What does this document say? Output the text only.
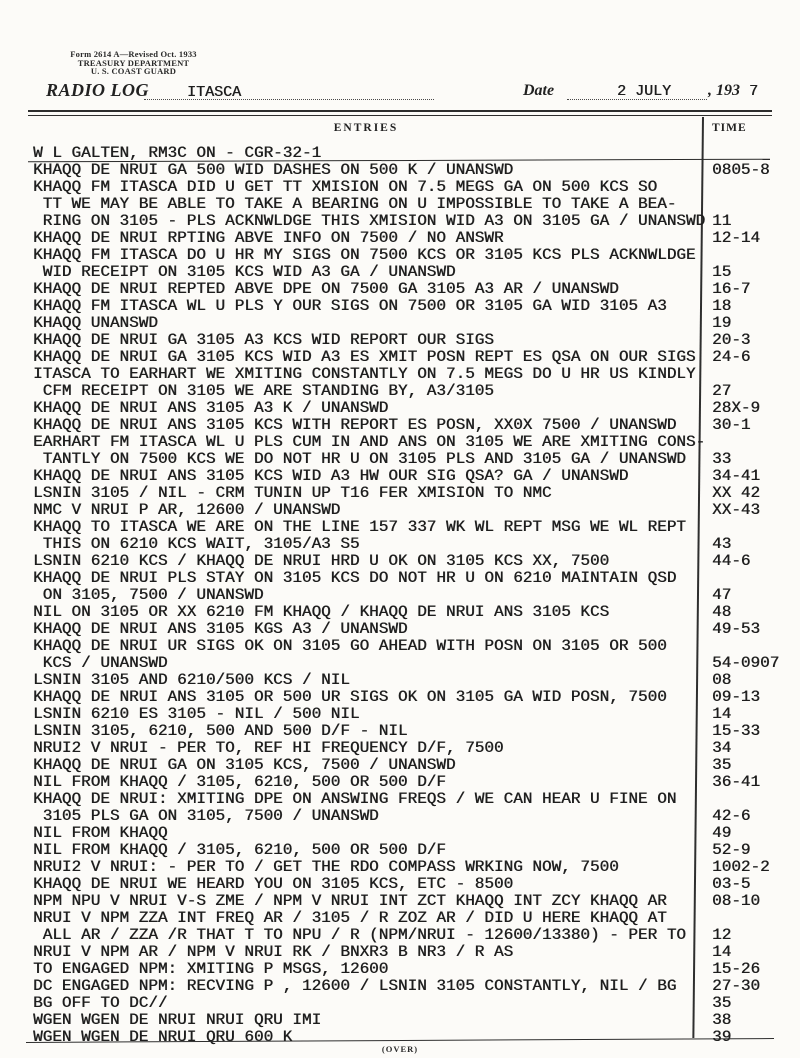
Form 2614 A—Revised Oct. 1933
TREASURY DEPARTMENT
U. S. COAST GUARD
RADIO LOG	ITASCA	Date	2 JULY , 193 7
ENTRIES	TIME
W L GALTEN, RM3C ON - CGR-32-1
KHAQQ DE NRUI GA 500 WID DASHES ON 500 K / UNANSWD	0805-8
KHAQQ FM ITASCA DID U GET TT XMISION ON 7.5 MEGS GA ON 500 KCS SO
TT WE MAY BE ABLE TO TAKE A BEARING ON U IMPOSSIBLE TO TAKE A BEA-
RING ON 3105 - PLS ACKNWLDGE THIS XMISION WID A3 ON 3105 GA / UNANSWD 11
KHAQQ DE NRUI RPTING ABVE INFO ON 7500 / NO ANSWR	12-14
KHAQQ FM ITASCA DO U HR MY SIGS ON 7500 KCS OR 3105 KCS PLS ACKNWLDGE
WID RECEIPT ON 3105 KCS WID A3 GA / UNANSWD	15
KHAQQ DE NRUI REPTED ABVE DPE ON 7500 GA 3105 A3 AR / UNANSWD	16-7
KHAQQ FM ITASCA WL U PLS Y OUR SIGS ON 7500 OR 3105 GA WID 3105 A3	18
KHAQQ UNANSWD	19
KHAQQ DE NRUI GA 3105 A3 KCS WID REPORT OUR SIGS	20-3
KHAQQ DE NRUI GA 3105 KCS WID A3 ES XMIT POSN REPT ES QSA ON OUR SIGS 24-6
ITASCA TO EARHART WE XMITING CONSTANTLY ON 7.5 MEGS DO U HR US KINDLY
CFM RECEIPT ON 3105 WE ARE STANDING BY, A3/3105	27
KHAQQ DE NRUI ANS 3105 A3 K / UNANSWD	28X-9
KHAQQ DE NRUI ANS 3105 KCS WITH REPORT ES POSN, XX0X 7500 / UNANSWD 30-1
EARHART FM ITASCA WL U PLS CUM IN AND ANS ON 3105 WE ARE XMITING CONS-
TANTLY ON 7500 KCS WE DO NOT HR U ON 3105 PLS AND 3105 GA / UNANSWD 33
KHAQQ DE NRUI ANS 3105 KCS WID A3 HW OUR SIG QSA? GA / UNANSWD	34-41
LSNIN 3105 / NIL - CRM TUNIN UP T16 FER XMISION TO NMC	XX 42
NMC V NRUI P AR, 12600 / UNANSWD	XX-43
KHAQQ TO ITASCA WE ARE ON THE LINE 157 337 WK WL REPT MSG WE WL REPT
THIS ON 6210 KCS WAIT, 3105/A3 S5	43
LSNIN 6210 KCS / KHAQQ DE NRUI HRD U OK ON 3105 KCS XX, 7500	44-6
KHAQQ DE NRUI PLS STAY ON 3105 KCS DO NOT HR U ON 6210 MAINTAIN QSD
ON 3105, 7500 / UNANSWD	47
NIL ON 3105 OR XX 6210 FM KHAQQ / KHAQQ DE NRUI ANS 3105 KCS	48
KHAQQ DE NRUI ANS 3105 KGS A3 / UNANSWD	49-53
KHAQQ DE NRUI UR SIGS OK ON 3105 GO AHEAD WITH POSN ON 3105 OR 500
KCS / UNANSWD	54-0907
LSNIN 3105 AND 6210/500 KCS / NIL	08
KHAQQ DE NRUI ANS 3105 OR 500 UR SIGS OK ON 3105 GA WID POSN, 7500	09-13
LSNIN 6210 ES 3105 - NIL / 500 NIL	14
LSNIN 3105, 6210, 500 AND 500 D/F - NIL	15-33
NRUI2 V NRUI - PER TO, REF HI FREQUENCY D/F, 7500	34
KHAQQ DE NRUI GA ON 3105 KCS, 7500 / UNANSWD	35
NIL FROM KHAQQ / 3105, 6210, 500 OR 500 D/F	36-41
KHAQQ DE NRUI: XMITING DPE ON ANSWING FREQS / WE CAN HEAR U FINE ON
3105 PLS GA ON 3105, 7500 / UNANSWD	42-6
NIL FROM KHAQQ	49
NIL FROM KHAQQ / 3105, 6210, 500 OR 500 D/F	52-9
NRUI2 V NRUI: - PER TO / GET THE RDO COMPASS WRKING NOW, 7500	1002-2
KHAQQ DE NRUI WE HEARD YOU ON 3105 KCS, ETC - 8500	03-5
NPM NPU V NRUI V-S ZME / NPM V NRUI INT ZCT KHAQQ INT ZCY KHAQQ AR	08-10
NRUI V NPM ZZA INT FREQ AR / 3105 / R ZOZ AR / DID U HERE KHAQQ AT
ALL AR / ZZA /R THAT T TO NPU / R (NPM/NRUI - 12600/13380) - PER TO 12
NRUI V NPM AR / NPM V NRUI RK / BNXR3 B NR3 / R AS	14
TO ENGAGED NPM: XMITING P MSGS, 12600	15-26
DC ENGAGED NPM: RECVING P , 12600 / LSNIN 3105 CONSTANTLY, NIL / BG 27-30
BG OFF TO DC//	35
WGEN WGEN DE NRUI NRUI QRU IMI	38
WGEN WGEN DE NRUI QRU 600 K	39
(OVER)
